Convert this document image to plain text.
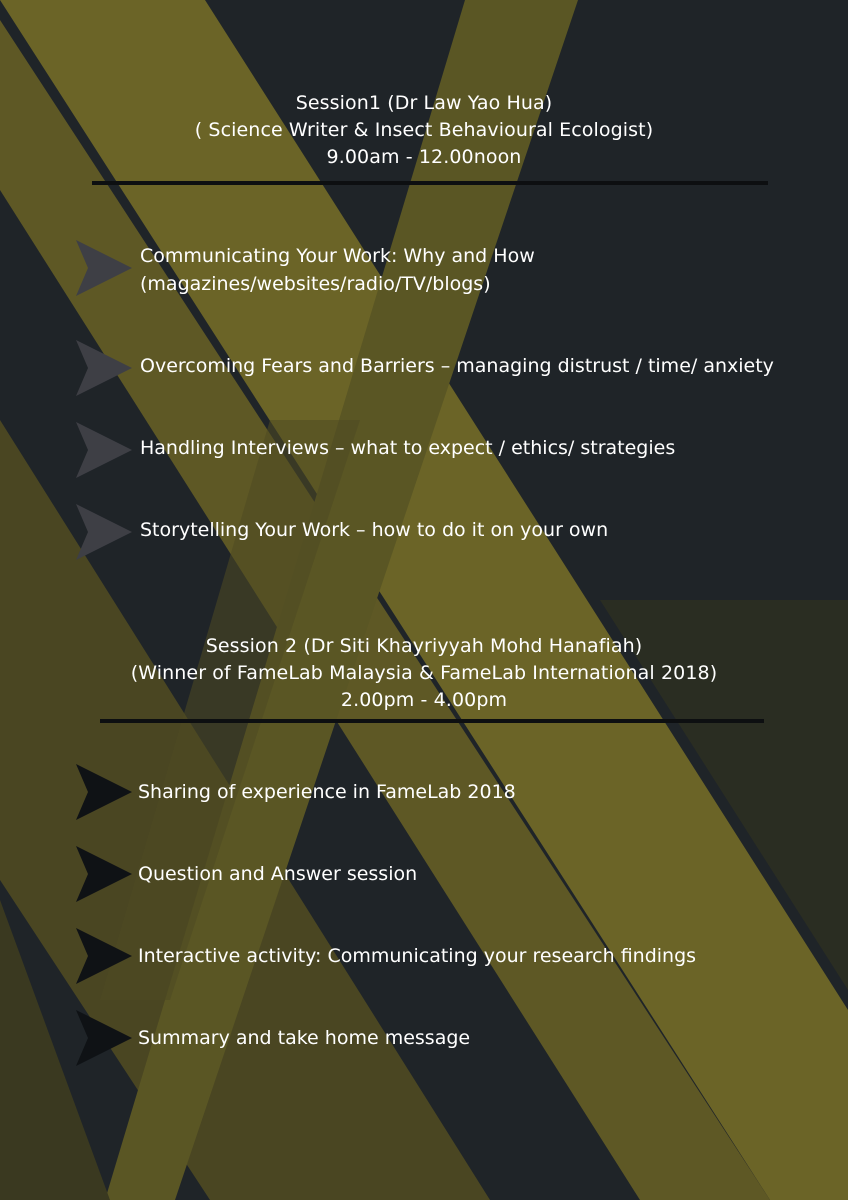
Session1 (Dr Law Yao Hua)
( Science Writer & Insect Behavioural Ecologist)
9.00am - 12.00noon
Communicating Your Work: Why and How
(magazines/websites/radio/TV/blogs)
Overcoming Fears and Barriers – managing distrust / time/ anxiety
Handling Interviews – what to expect / ethics/ strategies
Storytelling Your Work – how to do it on your own
Session 2 (Dr Siti Khayriyyah Mohd Hanafiah)
(Winner of FameLab Malaysia & FameLab International 2018)
2.00pm - 4.00pm
Sharing of experience in FameLab 2018
Question and Answer session
Interactive activity: Communicating your research findings
Summary and take home message
